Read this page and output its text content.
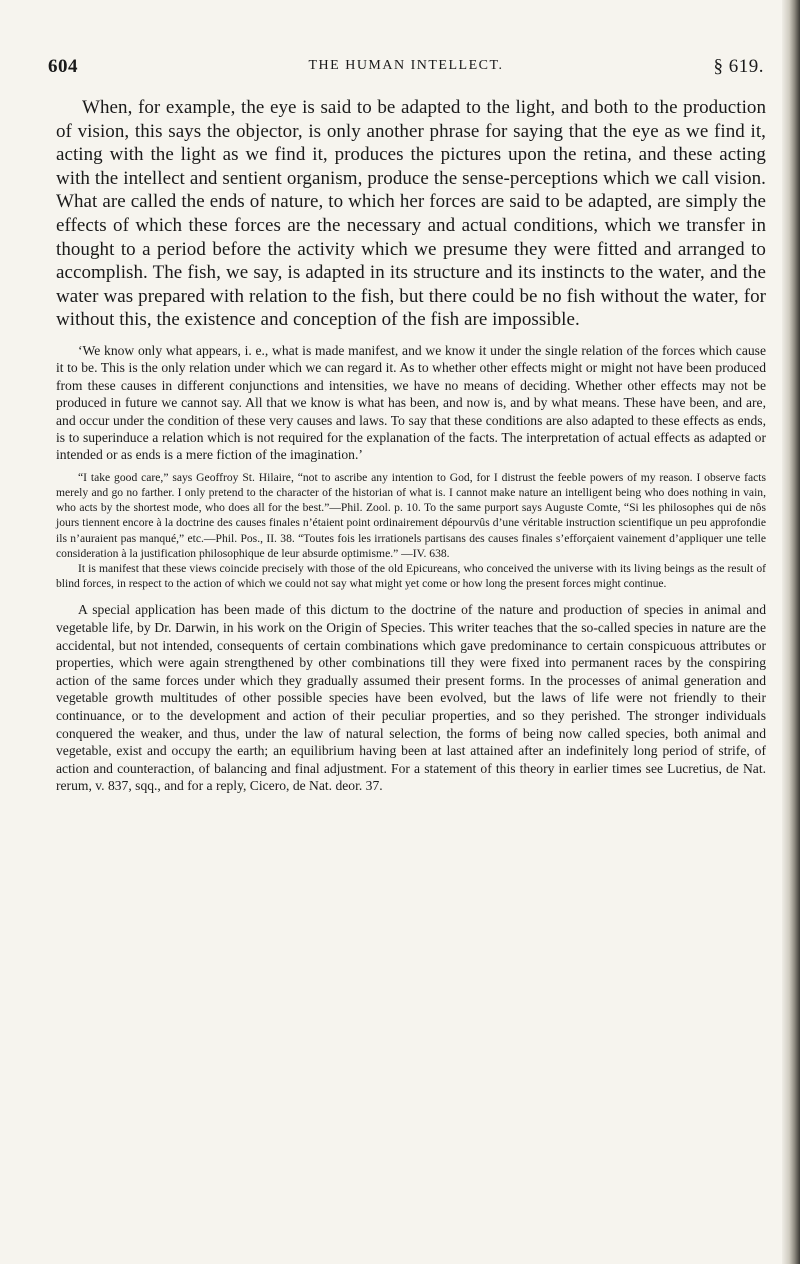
604	THE HUMAN INTELLECT.	§ 619.

When, for example, the eye is said to be adapted to the light, and both to the production of vision, this says the objector, is only another phrase for saying that the eye as we find it, acting with the light as we find it, produces the pictures upon the retina, and these acting with the intellect and sentient organism, produce the sense-perceptions which we call vision. What are called the ends of nature, to which her forces are said to be adapted, are simply the effects of which these forces are the necessary and actual conditions, which we transfer in thought to a period before the activity which we presume they were fitted and arranged to accomplish. The fish, we say, is adapted in its structure and its instincts to the water, and the water was prepared with relation to the fish, but there could be no fish without the water, for without this, the existence and conception of the fish are impossible.

‘We know only what appears, i. e., what is made manifest, and we know it under the single relation of the forces which cause it to be. This is the only relation under which we can regard it. As to whether other effects might or might not have been produced from these causes in different conjunctions and intensities, we have no means of deciding. Whether other effects may not be produced in future we cannot say. All that we know is what has been, and now is, and by what means. These have been, and are, and occur under the condition of these very causes and laws. To say that these conditions are also adapted to these effects as ends, is to superinduce a relation which is not required for the explanation of the facts. The interpretation of actual effects as adapted or intended or as ends is a mere fiction of the imagination.’

“I take good care,” says Geoffroy St. Hilaire, “not to ascribe any intention to God, for I distrust the feeble powers of my reason. I observe facts merely and go no farther. I only pretend to the character of the historian of what is. I cannot make nature an intelligent being who does nothing in vain, who acts by the shortest mode, who does all for the best.”—Phil. Zool. p. 10. To the same purport says Auguste Comte, “Si les philosophes qui de nôs jours tiennent encore à la doctrine des causes finales n’étaient point ordinairement dépourvûs d’une véritable instruction scientifique un peu approfondie ils n’auraient pas manqué,” etc.—Phil. Pos., II. 38. “Toutes fois les irrationels partisans des causes finales s’efforçaient vainement d’appliquer une telle consideration à la justification philosophique de leur absurde optimisme.” —IV. 638.

It is manifest that these views coincide precisely with those of the old Epicureans, who conceived the universe with its living beings as the result of blind forces, in respect to the action of which we could not say what might yet come or how long the present forces might continue.

A special application has been made of this dictum to the doctrine of the nature and production of species in animal and vegetable life, by Dr. Darwin, in his work on the Origin of Species. This writer teaches that the so-called species in nature are the accidental, but not intended, consequents of certain combinations which gave predominance to certain conspicuous attributes or properties, which were again strengthened by other combinations till they were fixed into permanent races by the conspiring action of the same forces under which they gradually assumed their present forms. In the processes of animal generation and vegetable growth multitudes of other possible species have been evolved, but the laws of life were not friendly to their continuance, or to the development and action of their peculiar properties, and so they perished. The stronger individuals conquered the weaker, and thus, under the law of natural selection, the forms of being now called species, both animal and vegetable, exist and occupy the earth; an equilibrium having been at last attained after an indefinitely long period of strife, of action and counteraction, of balancing and final adjustment. For a statement of this theory in earlier times see Lucretius, de Nat. rerum, v. 837, sqq., and for a reply, Cicero, de Nat. deor. 37.
